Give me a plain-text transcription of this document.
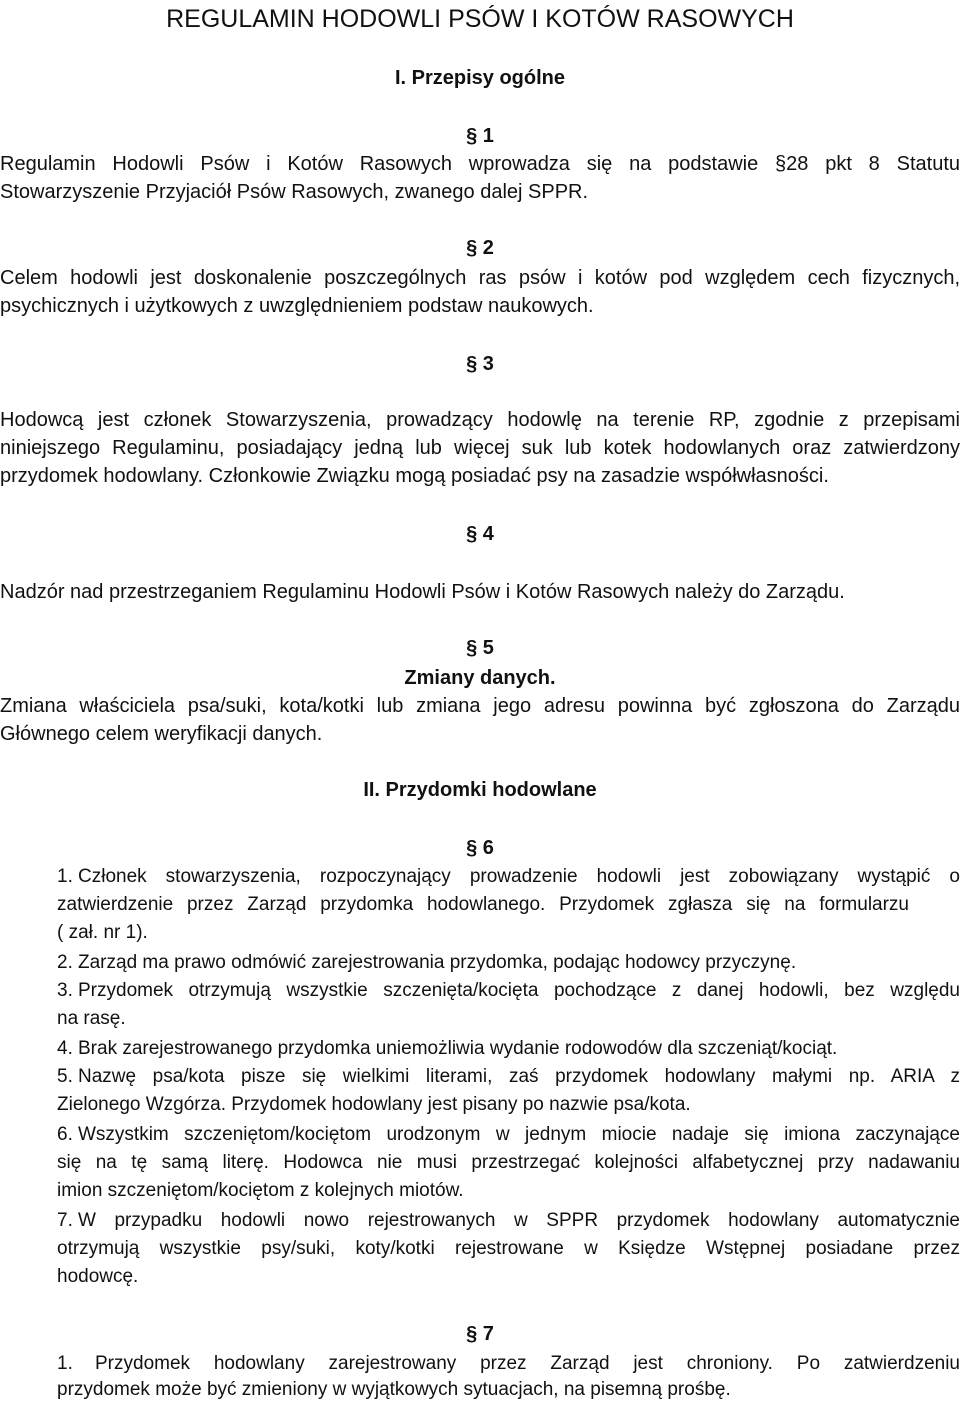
REGULAMIN HODOWLI PSÓW I KOTÓW RASOWYCH
I. Przepisy ogólne
§ 1
Regulamin Hodowli Psów i Kotów Rasowych wprowadza się na podstawie §28 pkt 8 Statutu
Stowarzyszenie Przyjaciół Psów Rasowych, zwanego dalej SPPR.
§ 2
Celem hodowli jest doskonalenie poszczególnych ras psów i kotów pod względem cech fizycznych,
psychicznych i użytkowych z uwzględnieniem podstaw naukowych.
§ 3
Hodowcą jest członek Stowarzyszenia, prowadzący hodowlę na terenie RP, zgodnie z przepisami
niniejszego Regulaminu, posiadający jedną lub więcej suk lub kotek hodowlanych oraz zatwierdzony
przydomek hodowlany. Członkowie Związku mogą posiadać psy na zasadzie współwłasności.
§ 4
Nadzór nad przestrzeganiem Regulaminu Hodowli Psów i Kotów Rasowych należy do Zarządu.
§ 5
Zmiany danych.
Zmiana właściciela psa/suki, kota/kotki lub zmiana jego adresu powinna być zgłoszona do Zarządu
Głównego celem weryfikacji danych.
II. Przydomki hodowlane
§ 6
1. Członek stowarzyszenia, rozpoczynający prowadzenie hodowli jest zobowiązany wystąpić o
zatwierdzenie przez Zarząd przydomka hodowlanego. Przydomek zgłasza się na formularzu
( zał. nr 1).
2. Zarząd ma prawo odmówić zarejestrowania przydomka, podając hodowcy przyczynę.
3. Przydomek otrzymują wszystkie szczenięta/kocięta pochodzące z danej hodowli, bez względu
na rasę.
4. Brak zarejestrowanego przydomka uniemożliwia wydanie rodowodów dla szczeniąt/kociąt.
5. Nazwę psa/kota pisze się wielkimi literami, zaś przydomek hodowlany małymi np. ARIA z
Zielonego Wzgórza. Przydomek hodowlany jest pisany po nazwie psa/kota.
6. Wszystkim szczeniętom/kociętom urodzonym w jednym miocie nadaje się imiona zaczynające
się na tę samą literę. Hodowca nie musi przestrzegać kolejności alfabetycznej przy nadawaniu
imion szczeniętom/kociętom z kolejnych miotów.
7. W przypadku hodowli nowo rejestrowanych w SPPR przydomek hodowlany automatycznie
otrzymują wszystkie psy/suki, koty/kotki rejestrowane w Księdze Wstępnej posiadane przez
hodowcę.
§ 7
1. Przydomek hodowlany zarejestrowany przez Zarząd jest chroniony. Po zatwierdzeniu
przydomek może być zmieniony w wyjątkowych sytuacjach, na pisemną prośbę.
